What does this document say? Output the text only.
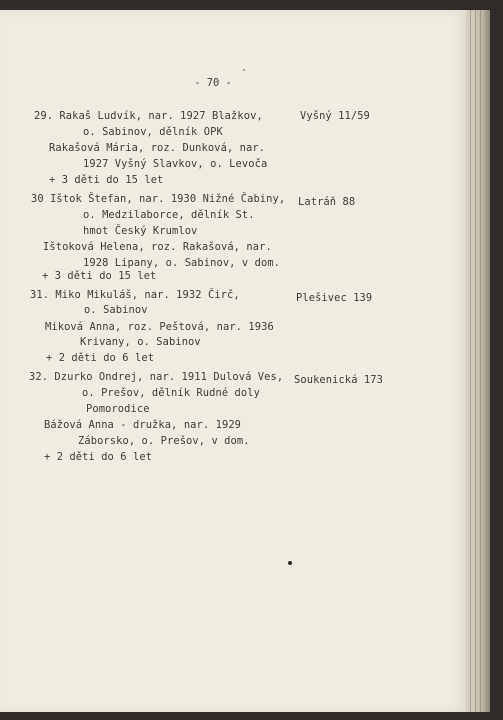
- 70 -
29. Rakaš Ludvík, nar. 1927 Blažkov,
o. Sabinov, dělník OPK
Rakašová Mária, roz. Dunková, nar.
1927 Vyšný Slavkov, o. Levoča
+ 3 děti do 15 let
Vyšný 11/59
30 Ištok Štefan, nar. 1930 Nižné Čabiny,
o. Medzilaborce, dělník St.
hmot Český Krumlov
Ištoková Helena, roz. Rakašová, nar.
1928 Lipany, o. Sabinov, v dom.
+ 3 děti do 15 let
Latráň 88
31. Miko Mikuláš, nar. 1932 Čirč,
o. Sabinov
Miková Anna, roz. Peštová, nar. 1936
Krivany, o. Sabinov
+ 2 děti do 6 let
Plešivec 139
32. Dzurko Ondrej, nar. 1911 Dulová Ves,
o. Prešov, dělník Rudné doly
Pomorodice
Bážová Anna - družka, nar. 1929
Záborsko, o. Prešov, v dom.
+ 2 děti do 6 let
Soukenická 173
